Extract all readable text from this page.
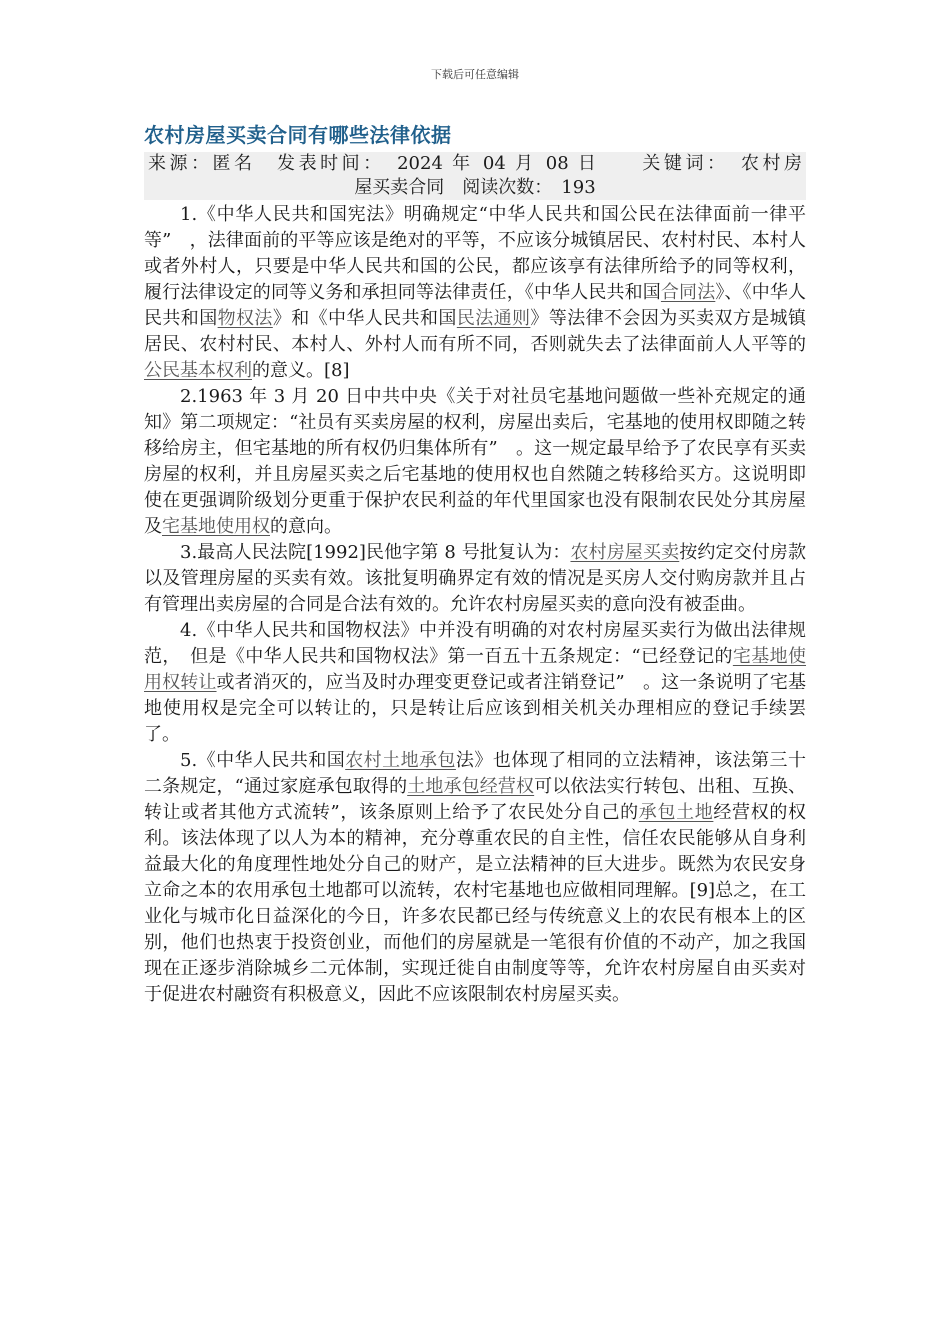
下载后可任意编辑
农村房屋买卖合同有哪些法律依据
来源：匿名　发表时间：　2024 年 04 月 08 日　　关键词：　农村房
屋买卖合同　阅读次数：　193

1.《中华人民共和国宪法》明确规定“中华人民共和国公民在法律面前一律平等”　，法律面前的平等应该是绝对的平等，不应该分城镇居民、农村村民、本村人或者外村人，只要是中华人民共和国的公民，都应该享有法律所给予的同等权利，履行法律设定的同等义务和承担同等法律责任，《中华人民共和国合同法》、《中华人民共和国物权法》和《中华人民共和国民法通则》等法律不会因为买卖双方是城镇居民、农村村民、本村人、外村人而有所不同，否则就失去了法律面前人人平等的公民基本权利的意义。[8]

2.1963 年 3 月 20 日中共中央《关于对社员宅基地问题做一些补充规定的通知》第二项规定：“社员有买卖房屋的权利，房屋出卖后，宅基地的使用权即随之转移给房主，但宅基地的所有权仍归集体所有”　。这一规定最早给予了农民享有买卖房屋的权利，并且房屋买卖之后宅基地的使用权也自然随之转移给买方。这说明即使在更强调阶级划分更重于保护农民利益的年代里国家也没有限制农民处分其房屋及宅基地使用权的意向。

3.最高人民法院[1992]民他字第 8 号批复认为：农村房屋买卖按约定交付房款以及管理房屋的买卖有效。该批复明确界定有效的情况是买房人交付购房款并且占有管理出卖房屋的合同是合法有效的。允许农村房屋买卖的意向没有被歪曲。

4.《中华人民共和国物权法》中并没有明确的对农村房屋买卖行为做出法律规范，　但是《中华人民共和国物权法》第一百五十五条规定：“已经登记的宅基地使用权转让或者消灭的，应当及时办理变更登记或者注销登记”　。这一条说明了宅基地使用权是完全可以转让的，只是转让后应该到相关机关办理相应的登记手续罢了。

5.《中华人民共和国农村土地承包法》也体现了相同的立法精神，该法第三十二条规定，“通过家庭承包取得的土地承包经营权可以依法实行转包、出租、互换、转让或者其他方式流转”，该条原则上给予了农民处分自己的承包土地经营权的权利。该法体现了以人为本的精神，充分尊重农民的自主性，信任农民能够从自身利益最大化的角度理性地处分自己的财产，是立法精神的巨大进步。既然为农民安身立命之本的农用承包土地都可以流转，农村宅基地也应做相同理解。[9]总之，在工业化与城市化日益深化的今日，许多农民都已经与传统意义上的农民有根本上的区别，他们也热衷于投资创业，而他们的房屋就是一笔很有价值的不动产，加之我国现在正逐步消除城乡二元体制，实现迁徙自由制度等等，允许农村房屋自由买卖对于促进农村融资有积极意义，因此不应该限制农村房屋买卖。
